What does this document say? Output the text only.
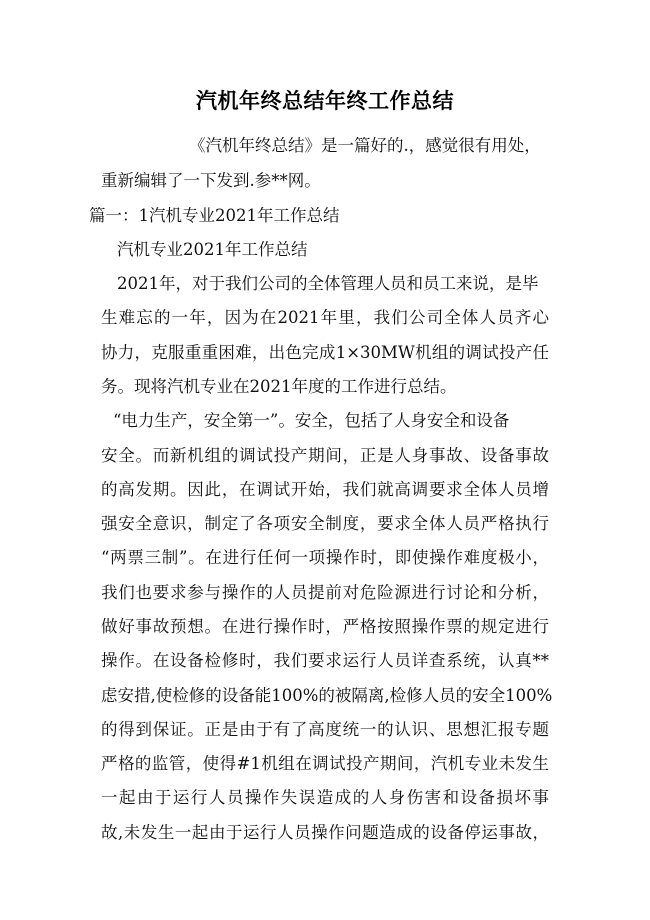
汽机年终总结年终工作总结
《汽机年终总结》是一篇好的.，感觉很有用处，
重新编辑了一下发到.参**网。
篇一：1汽机专业2021年工作总结
汽机专业2021年工作总结
2021年，对于我们公司的全体管理人员和员工来说，是毕
生难忘的一年，因为在2021年里，我们公司全体人员齐心
协力，克服重重困难，出色完成1×30MW机组的调试投产任
务。现将汽机专业在2021年度的工作进行总结。
“电力生产，安全第一”。安全，包括了人身安全和设备
安全。而新机组的调试投产期间，正是人身事故、设备事故
的高发期。因此，在调试开始，我们就高调要求全体人员增
强安全意识，制定了各项安全制度，要求全体人员严格执行
“两票三制”。在进行任何一项操作时，即使操作难度极小，
我们也要求参与操作的人员提前对危险源进行讨论和分析，
做好事故预想。在进行操作时，严格按照操作票的规定进行
操作。在设备检修时，我们要求运行人员详查系统，认真**
虑安措,使检修的设备能100%的被隔离,检修人员的安全100%
的得到保证。正是由于有了高度统一的认识、思想汇报专题
严格的监管，使得#1机组在调试投产期间，汽机专业未发生
一起由于运行人员操作失误造成的人身伤害和设备损坏事
故,未发生一起由于运行人员操作问题造成的设备停运事故，
